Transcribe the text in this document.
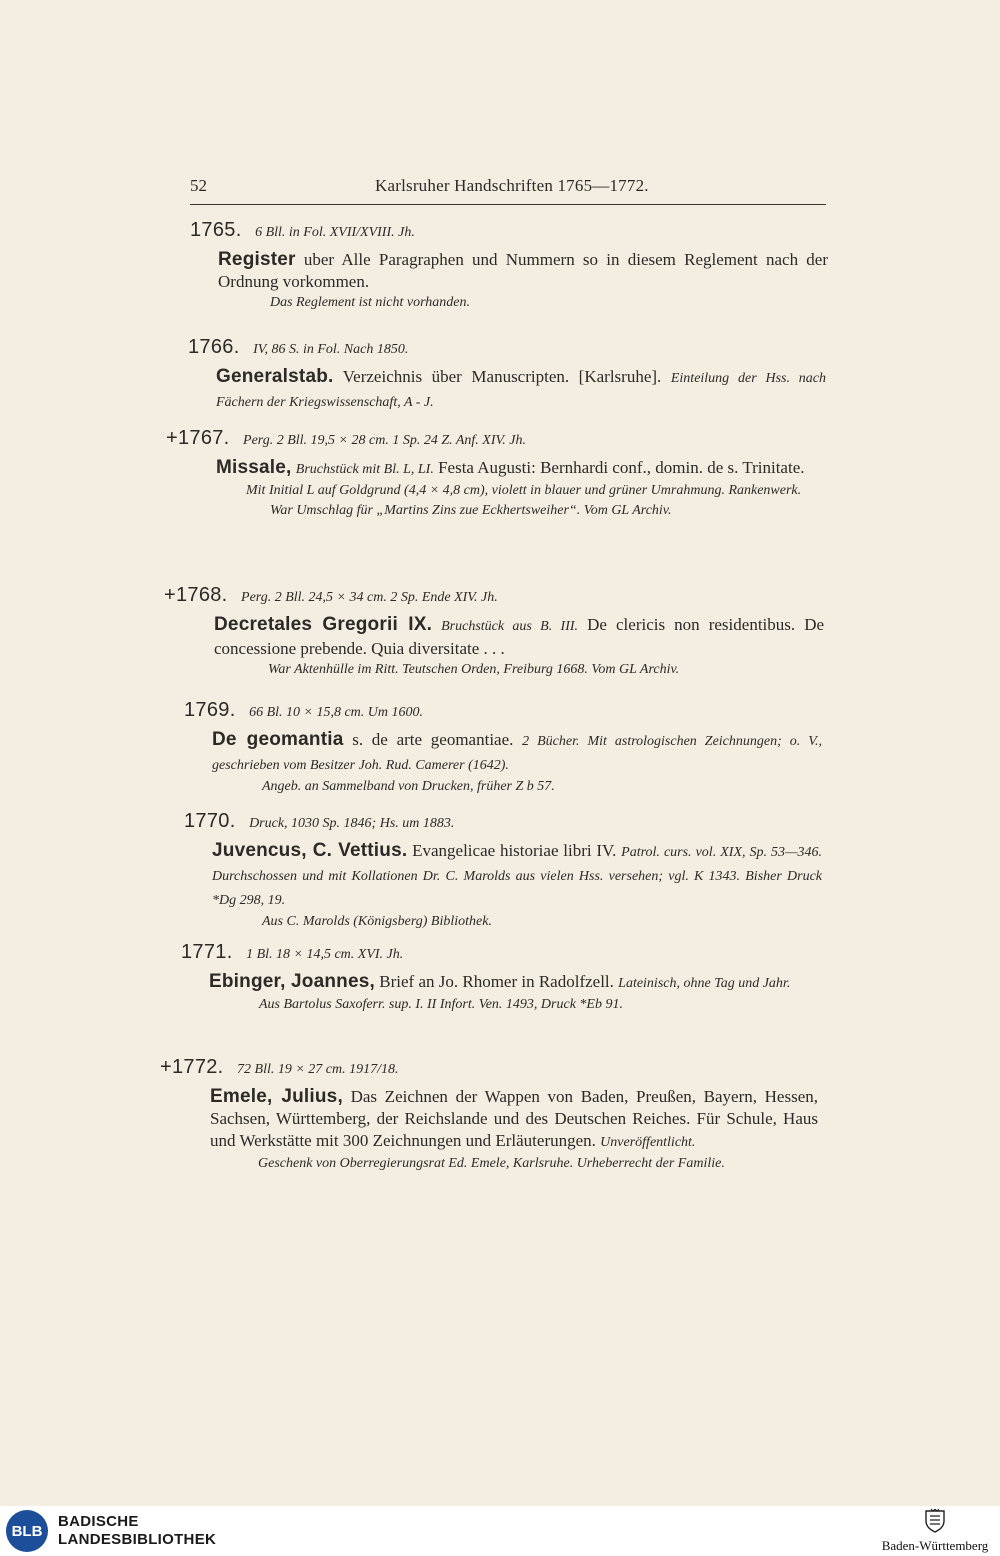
52	Karlsruher Handschriften 1765—1772.
1765. 6 Bll. in Fol. XVII/XVIII. Jh.
Register uber Alle Paragraphen und Nummern so in diesem Reglement nach der Ordnung vorkommen.
Das Reglement ist nicht vorhanden.
1766. IV, 86 S. in Fol. Nach 1850.
Generalstab. Verzeichnis über Manuscripten. [Karlsruhe]. Einteilung der Hss. nach Fächern der Kriegswissenschaft, A - J.
+1767. Perg. 2 Bll. 19,5 × 28 cm. 1 Sp. 24 Z. Anf. XIV. Jh.
Missale, Bruchstück mit Bl. L, LI. Festa Augusti: Bernhardi conf., domin. de s. Trinitate.
Mit Initial L auf Goldgrund (4,4 × 4,8 cm), violett in blauer und grüner Umrahmung. Rankenwerk.
War Umschlag für „Martins Zins zue Eckhertsweiher“. Vom GL Archiv.
+1768. Perg. 2 Bll. 24,5 × 34 cm. 2 Sp. Ende XIV. Jh.
Decretales Gregorii IX. Bruchstück aus B. III. De clericis non residentibus. De concessione prebende. Quia diversitate . . .
War Aktenhülle im Ritt. Teutschen Orden, Freiburg 1668. Vom GL Archiv.
1769. 66 Bl. 10 × 15,8 cm. Um 1600.
De geomantia s. de arte geomantiae. 2 Bücher. Mit astrologischen Zeichnungen; o. V., geschrieben vom Besitzer Joh. Rud. Camerer (1642).
Angeb. an Sammelband von Drucken, früher Z b 57.
1770. Druck, 1030 Sp. 1846; Hs. um 1883.
Juvencus, C. Vettius. Evangelicae historiae libri IV. Patrol. curs. vol. XIX, Sp. 53—346. Durchschossen und mit Kollationen Dr. C. Marolds aus vielen Hss. versehen; vgl. K 1343. Bisher Druck *Dg 298, 19.
Aus C. Marolds (Königsberg) Bibliothek.
1771. 1 Bl. 18 × 14,5 cm. XVI. Jh.
Ebinger, Joannes, Brief an Jo. Rhomer in Radolfzell. Lateinisch, ohne Tag und Jahr.
Aus Bartolus Saxoferr. sup. I. II Infort. Ven. 1493, Druck *Eb 91.
+1772. 72 Bll. 19 × 27 cm. 1917/18.
Emele, Julius, Das Zeichnen der Wappen von Baden, Preußen, Bayern, Hessen, Sachsen, Württemberg, der Reichslande und des Deutschen Reiches. Für Schule, Haus und Werkstätte mit 300 Zeichnungen und Erläuterungen. Unveröffentlicht.
Geschenk von Oberregierungsrat Ed. Emele, Karlsruhe. Urheberrecht der Familie.
BLB
BADISCHE
LANDESBIBLIOTHEK	Baden-Württemberg
